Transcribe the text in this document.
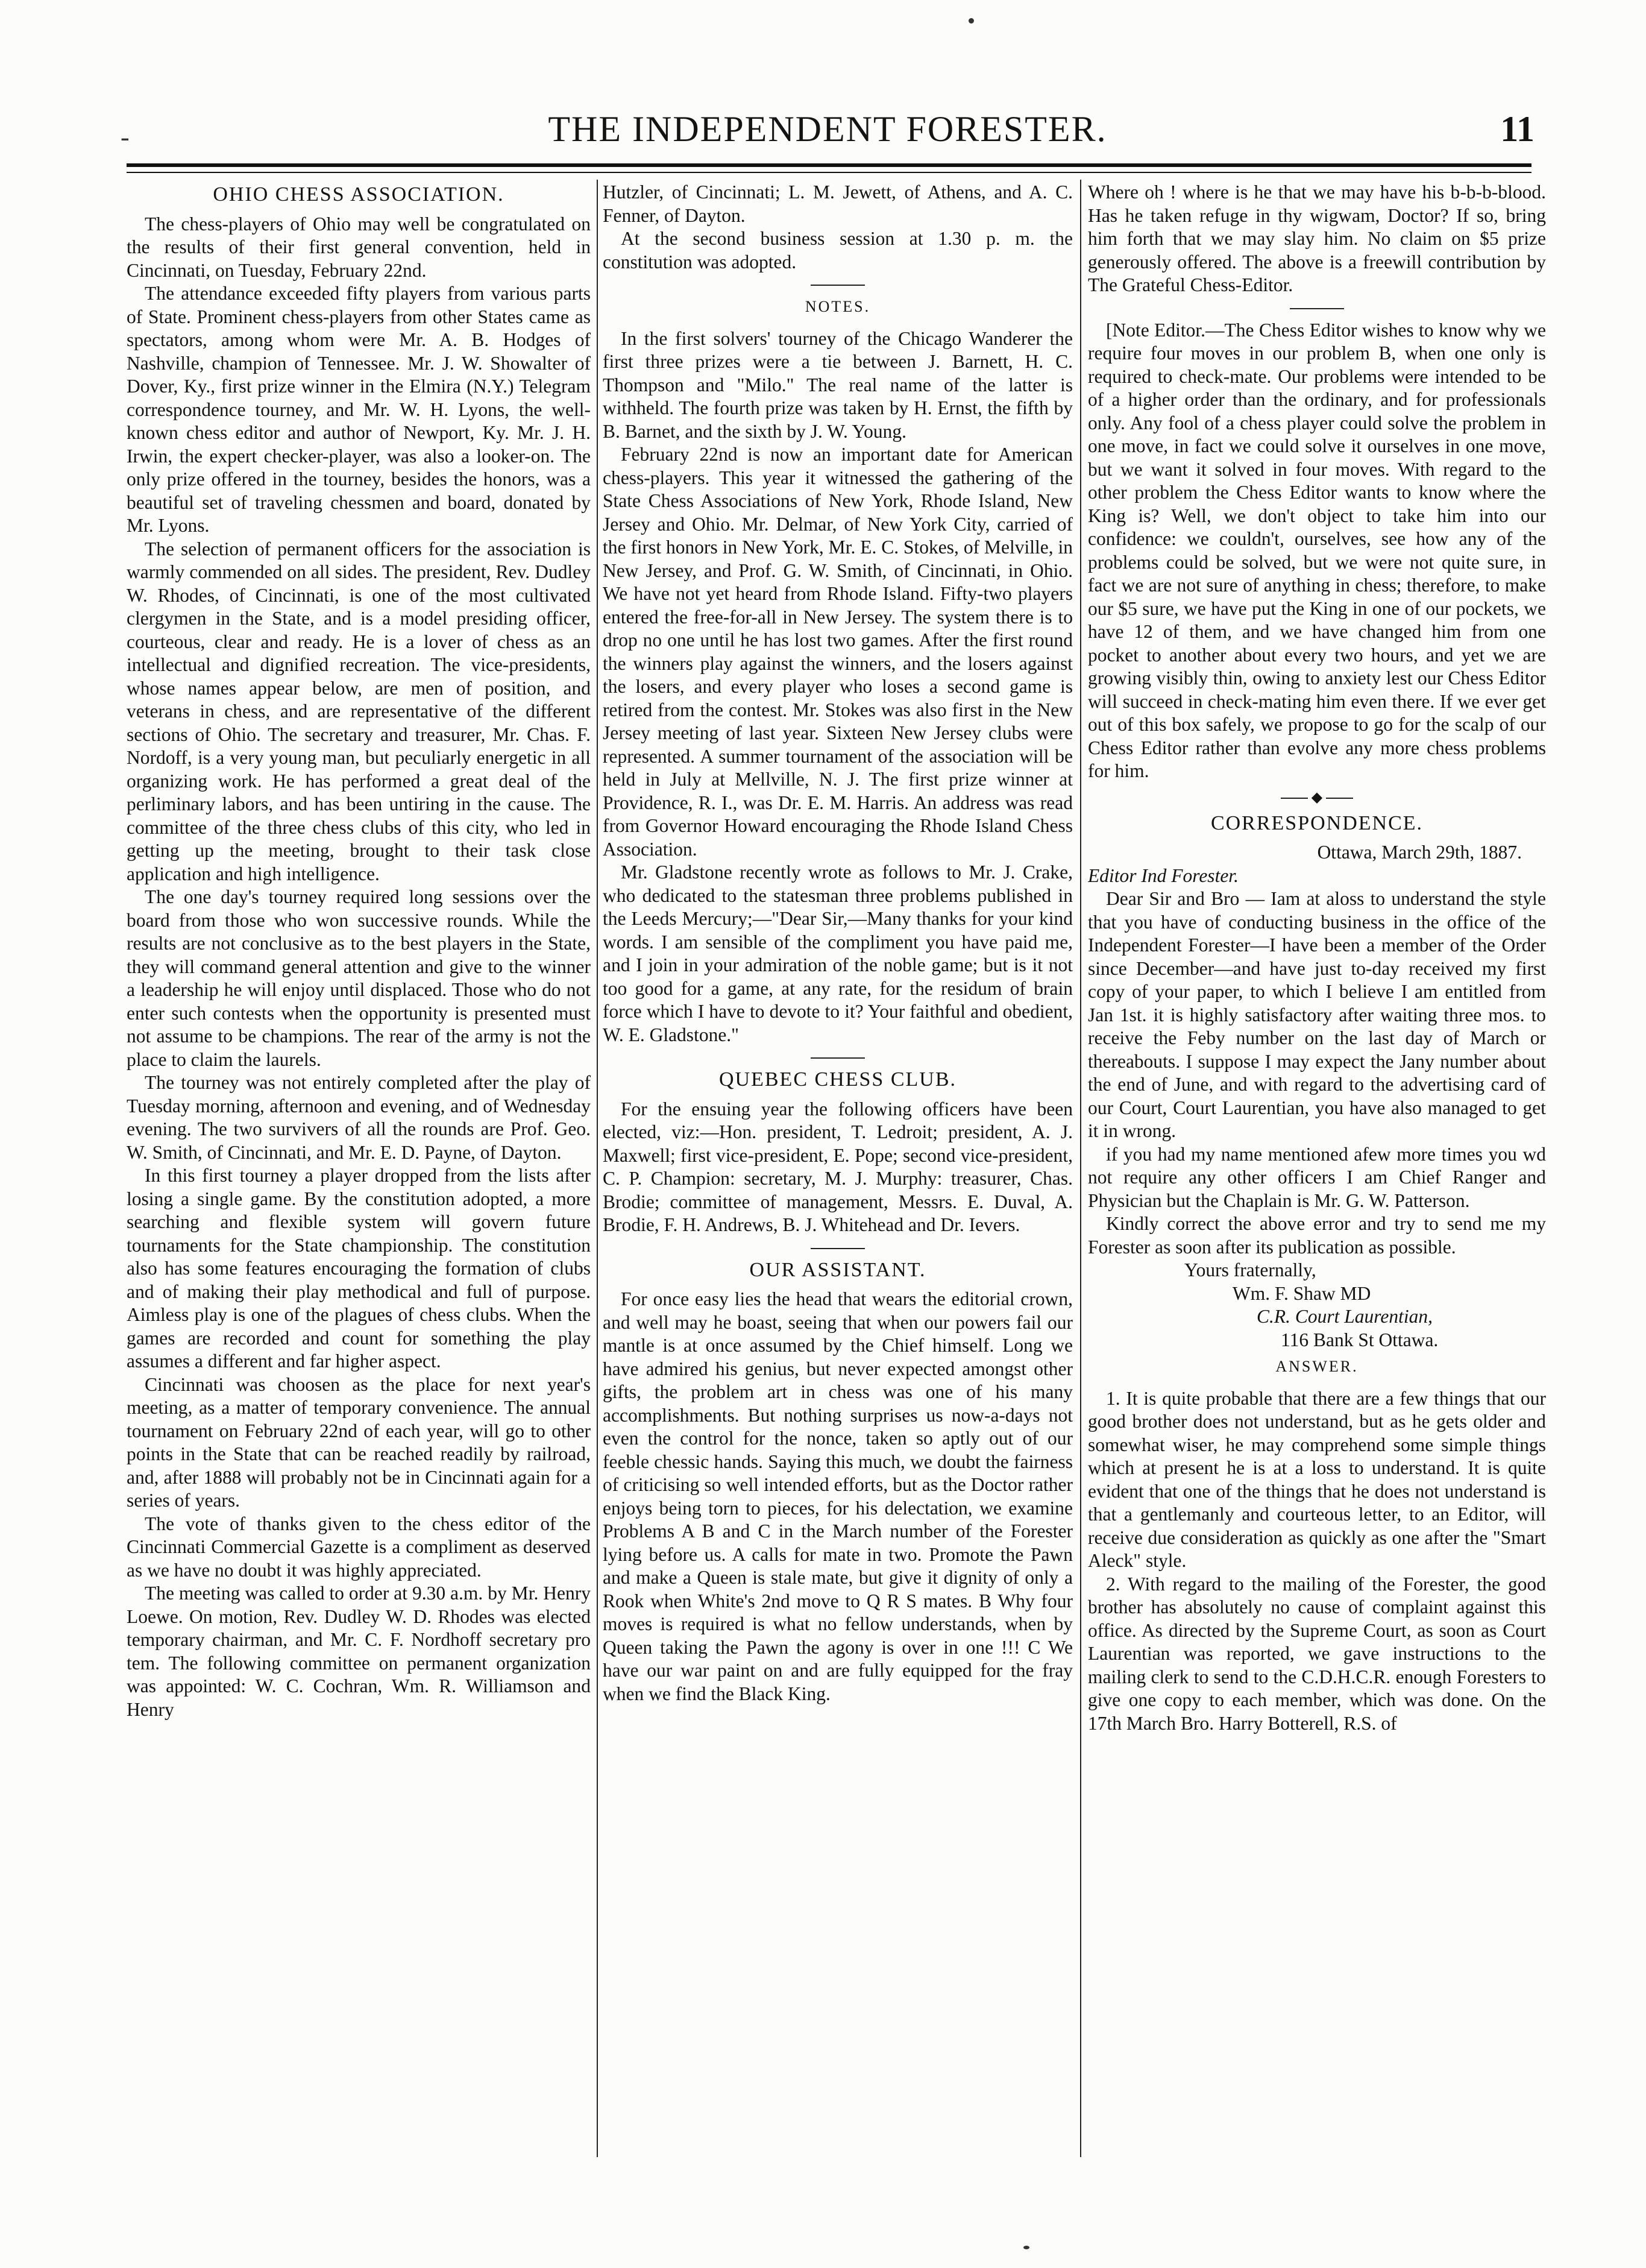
-	THE INDEPENDENT FORESTER.	11
OHIO CHESS ASSOCIATION.

The chess-players of Ohio may well be congratulated on the results of their first general convention, held in Cincinnati, on Tuesday, February 22nd.

The attendance exceeded fifty players from various parts of State. Prominent chess-players from other States came as spectators, among whom were Mr. A. B. Hodges of Nashville, champion of Tennessee. Mr. J. W. Showalter of Dover, Ky., first prize winner in the Elmira (N.Y.) Telegram correspondence tourney, and Mr. W. H. Lyons, the well-known chess editor and author of Newport, Ky. Mr. J. H. Irwin, the expert checker-player, was also a looker-on. The only prize offered in the tourney, besides the honors, was a beautiful set of traveling chessmen and board, donated by Mr. Lyons.

The selection of permanent officers for the association is warmly commended on all sides. The president, Rev. Dudley W. Rhodes, of Cincinnati, is one of the most cultivated clergymen in the State, and is a model presiding officer, courteous, clear and ready. He is a lover of chess as an intellectual and dignified recreation. The vice-presidents, whose names appear below, are men of position, and veterans in chess, and are representative of the different sections of Ohio. The secretary and treasurer, Mr. Chas. F. Nordoff, is a very young man, but peculiarly energetic in all organizing work. He has performed a great deal of the perliminary labors, and has been untiring in the cause. The committee of the three chess clubs of this city, who led in getting up the meeting, brought to their task close application and high intelligence.

The one day's tourney required long sessions over the board from those who won successive rounds. While the results are not conclusive as to the best players in the State, they will command general attention and give to the winner a leadership he will enjoy until displaced. Those who do not enter such contests when the opportunity is presented must not assume to be champions. The rear of the army is not the place to claim the laurels.

The tourney was not entirely completed after the play of Tuesday morning, afternoon and evening, and of Wednesday evening. The two survivers of all the rounds are Prof. Geo. W. Smith, of Cincinnati, and Mr. E. D. Payne, of Dayton.

In this first tourney a player dropped from the lists after losing a single game. By the constitution adopted, a more searching and flexible system will govern future tournaments for the State championship. The constitution also has some features encouraging the formation of clubs and of making their play methodical and full of purpose. Aimless play is one of the plagues of chess clubs. When the games are recorded and count for something the play assumes a different and far higher aspect.

Cincinnati was choosen as the place for next year's meeting, as a matter of temporary convenience. The annual tournament on February 22nd of each year, will go to other points in the State that can be reached readily by railroad, and, after 1888 will probably not be in Cincinnati again for a series of years.

The vote of thanks given to the chess editor of the Cincinnati Commercial Gazette is a compliment as deserved as we have no doubt it was highly appreciated.

The meeting was called to order at 9.30 a.m. by Mr. Henry Loewe. On motion, Rev. Dudley W. D. Rhodes was elected temporary chairman, and Mr. C. F. Nordhoff secretary pro tem. The following committee on permanent organization was appointed: W. C. Cochran, Wm. R. Williamson and Henry

Hutzler, of Cincinnati; L. M. Jewett, of Athens, and A. C. Fenner, of Dayton.

At the second business session at 1.30 p. m. the constitution was adopted.

NOTES.

In the first solvers' tourney of the Chicago Wanderer the first three prizes were a tie between J. Barnett, H. C. Thompson and "Milo." The real name of the latter is withheld. The fourth prize was taken by H. Ernst, the fifth by B. Barnet, and the sixth by J. W. Young.

February 22nd is now an important date for American chess-players. This year it witnessed the gathering of the State Chess Associations of New York, Rhode Island, New Jersey and Ohio. Mr. Delmar, of New York City, carried of the first honors in New York, Mr. E. C. Stokes, of Melville, in New Jersey, and Prof. G. W. Smith, of Cincinnati, in Ohio. We have not yet heard from Rhode Island. Fifty-two players entered the free-for-all in New Jersey. The system there is to drop no one until he has lost two games. After the first round the winners play against the winners, and the losers against the losers, and every player who loses a second game is retired from the contest. Mr. Stokes was also first in the New Jersey meeting of last year. Sixteen New Jersey clubs were represented. A summer tournament of the association will be held in July at Mellville, N. J. The first prize winner at Providence, R. I., was Dr. E. M. Harris. An address was read from Governor Howard encouraging the Rhode Island Chess Association.

Mr. Gladstone recently wrote as follows to Mr. J. Crake, who dedicated to the statesman three problems published in the Leeds Mercury;—"Dear Sir,—Many thanks for your kind words. I am sensible of the compliment you have paid me, and I join in your admiration of the noble game; but is it not too good for a game, at any rate, for the residum of brain force which I have to devote to it? Your faithful and obedient, W. E. Gladstone."

QUEBEC CHESS CLUB.

For the ensuing year the following officers have been elected, viz:—Hon. president, T. Ledroit; president, A. J. Maxwell; first vice-president, E. Pope; second vice-president, C. P. Champion: secretary, M. J. Murphy: treasurer, Chas. Brodie; committee of management, Messrs. E. Duval, A. Brodie, F. H. Andrews, B. J. Whitehead and Dr. Ievers.

OUR ASSISTANT.

For once easy lies the head that wears the editorial crown, and well may he boast, seeing that when our powers fail our mantle is at once assumed by the Chief himself. Long we have admired his genius, but never expected amongst other gifts, the problem art in chess was one of his many accomplishments. But nothing surprises us now-a-days not even the control for the nonce, taken so aptly out of our feeble chessic hands. Saying this much, we doubt the fairness of criticising so well intended efforts, but as the Doctor rather enjoys being torn to pieces, for his delectation, we examine Problems A B and C in the March number of the Forester lying before us. A calls for mate in two. Promote the Pawn and make a Queen is stale mate, but give it dignity of only a Rook when White's 2nd move to Q R S mates. B Why four moves is required is what no fellow understands, when by Queen taking the Pawn the agony is over in one !!! C We have our war paint on and are fully equipped for the fray when we find the Black King.

Where oh ! where is he that we may have his b-b-b-blood. Has he taken refuge in thy wigwam, Doctor? If so, bring him forth that we may slay him. No claim on $5 prize generously offered. The above is a freewill contribution by The Grateful Chess-Editor.

[Note Editor.—The Chess Editor wishes to know why we require four moves in our problem B, when one only is required to check-mate. Our problems were intended to be of a higher order than the ordinary, and for professionals only. Any fool of a chess player could solve the problem in one move, in fact we could solve it ourselves in one move, but we want it solved in four moves. With regard to the other problem the Chess Editor wants to know where the King is? Well, we don't object to take him into our confidence: we couldn't, ourselves, see how any of the problems could be solved, but we were not quite sure, in fact we are not sure of anything in chess; therefore, to make our $5 sure, we have put the King in one of our pockets, we have 12 of them, and we have changed him from one pocket to another about every two hours, and yet we are growing visibly thin, owing to anxiety lest our Chess Editor will succeed in check-mating him even there. If we ever get out of this box safely, we propose to go for the scalp of our Chess Editor rather than evolve any more chess problems for him.

◆
CORRESPONDENCE.

Ottawa, March 29th, 1887.

Editor Ind Forester.

Dear Sir and Bro — Iam at aloss to understand the style that you have of conducting business in the office of the Independent Forester—I have been a member of the Order since December—and have just to-day received my first copy of your paper, to which I believe I am entitled from Jan 1st. it is highly satisfactory after waiting three mos. to receive the Feby number on the last day of March or thereabouts. I suppose I may expect the Jany number about the end of June, and with regard to the advertising card of our Court, Court Laurentian, you have also managed to get it in wrong.

if you had my name mentioned afew more times you wd not require any other officers I am Chief Ranger and Physician but the Chaplain is Mr. G. W. Patterson.

Kindly correct the above error and try to send me my Forester as soon after its publication as possible.

Yours fraternally,

Wm. F. Shaw MD

C.R. Court Laurentian,

116 Bank St Ottawa.

ANSWER.

1. It is quite probable that there are a few things that our good brother does not understand, but as he gets older and somewhat wiser, he may comprehend some simple things which at present he is at a loss to understand. It is quite evident that one of the things that he does not understand is that a gentlemanly and courteous letter, to an Editor, will receive due consideration as quickly as one after the "Smart Aleck" style.

2. With regard to the mailing of the Forester, the good brother has absolutely no cause of complaint against this office. As directed by the Supreme Court, as soon as Court Laurentian was reported, we gave instructions to the mailing clerk to send to the C.D.H.C.R. enough Foresters to give one copy to each member, which was done. On the 17th March Bro. Harry Botterell, R.S. of
